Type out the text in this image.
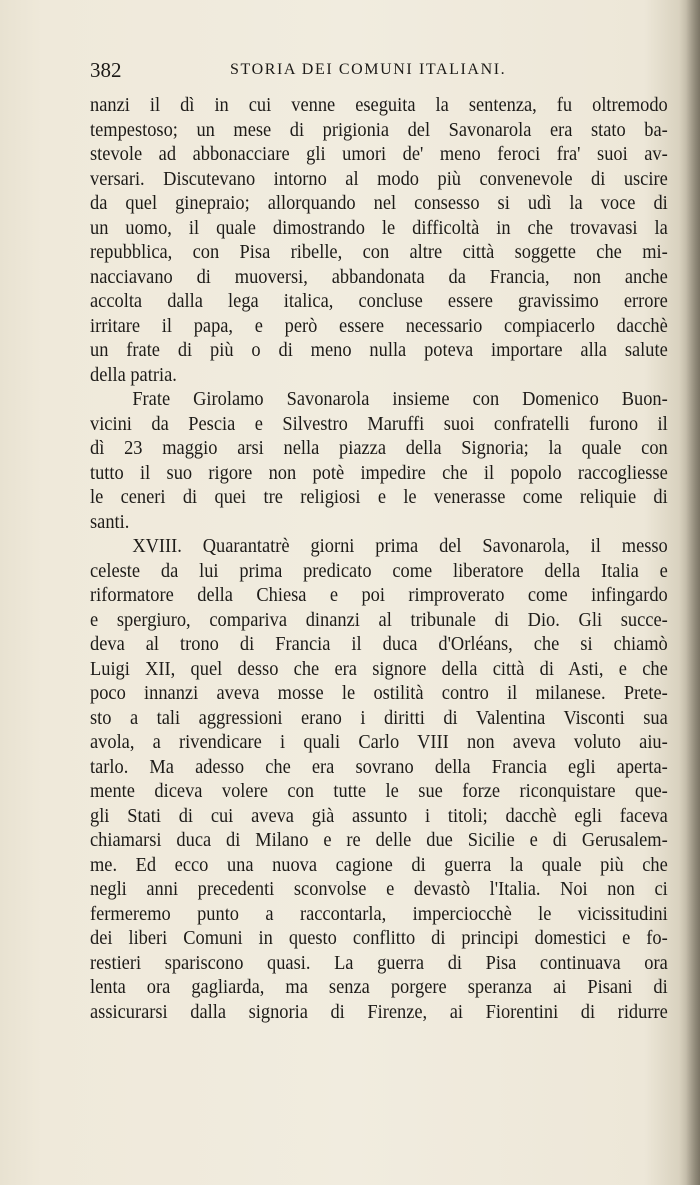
382	STORIA DEI COMUNI ITALIANI.
nanzi il dì in cui venne eseguita la sentenza, fu oltremodo
tempestoso; un mese di prigionia del Savonarola era stato ba-
stevole ad abbonacciare gli umori de' meno feroci fra' suoi av-
versari. Discutevano intorno al modo più convenevole di uscire
da quel ginepraio; allorquando nel consesso si udì la voce di
un uomo, il quale dimostrando le difficoltà in che trovavasi la
repubblica, con Pisa ribelle, con altre città soggette che mi-
nacciavano di muoversi, abbandonata da Francia, non anche
accolta dalla lega italica, concluse essere gravissimo errore
irritare il papa, e però essere necessario compiacerlo dacchè
un frate di più o di meno nulla poteva importare alla salute
della patria.
Frate Girolamo Savonarola insieme con Domenico Buon-
vicini da Pescia e Silvestro Maruffi suoi confratelli furono il
dì 23 maggio arsi nella piazza della Signoria; la quale con
tutto il suo rigore non potè impedire che il popolo raccogliesse
le ceneri di quei tre religiosi e le venerasse come reliquie di
santi.
XVIII. Quarantatrè giorni prima del Savonarola, il messo
celeste da lui prima predicato come liberatore della Italia e
riformatore della Chiesa e poi rimproverato come infingardo
e spergiuro, compariva dinanzi al tribunale di Dio. Gli succe-
deva al trono di Francia il duca d'Orléans, che si chiamò
Luigi XII, quel desso che era signore della città di Asti, e che
poco innanzi aveva mosse le ostilità contro il milanese. Prete-
sto a tali aggressioni erano i diritti di Valentina Visconti sua
avola, a rivendicare i quali Carlo VIII non aveva voluto aiu-
tarlo. Ma adesso che era sovrano della Francia egli aperta-
mente diceva volere con tutte le sue forze riconquistare que-
gli Stati di cui aveva già assunto i titoli; dacchè egli faceva
chiamarsi duca di Milano e re delle due Sicilie e di Gerusalem-
me. Ed ecco una nuova cagione di guerra la quale più che
negli anni precedenti sconvolse e devastò l'Italia. Noi non ci
fermeremo punto a raccontarla, imperciocchè le vicissitudini
dei liberi Comuni in questo conflitto di principi domestici e fo-
restieri spariscono quasi. La guerra di Pisa continuava ora
lenta ora gagliarda, ma senza porgere speranza ai Pisani di
assicurarsi dalla signoria di Firenze, ai Fiorentini di ridurre
